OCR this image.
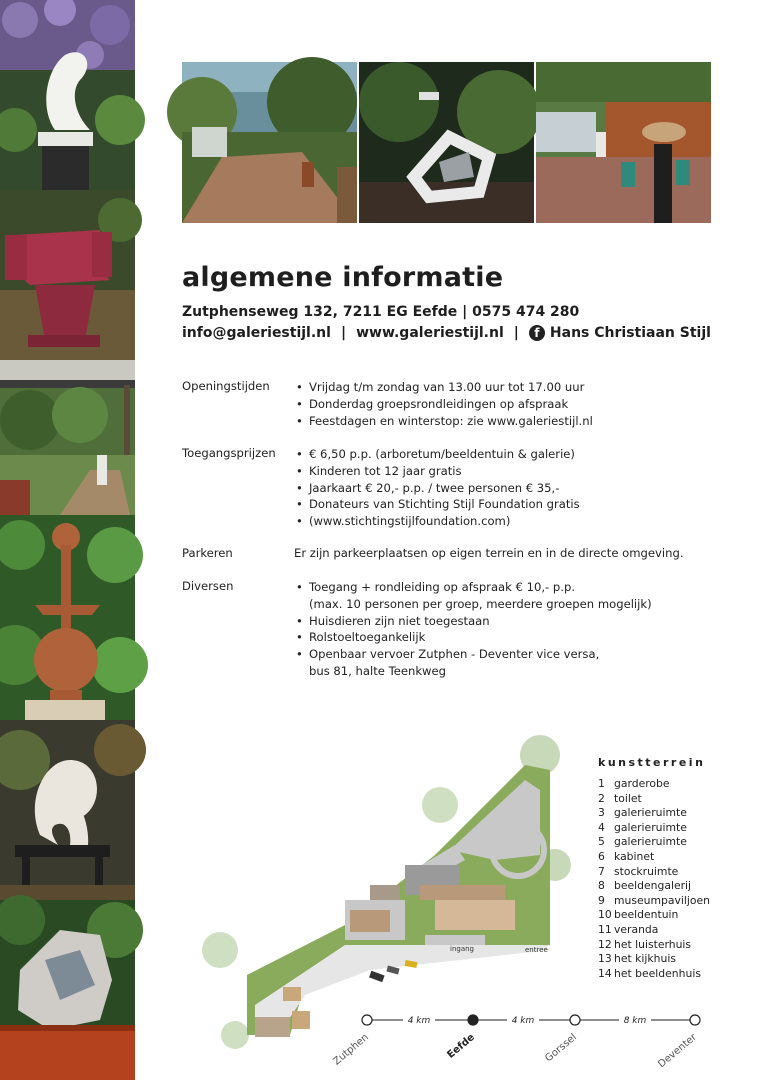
algemene informatie
Zutphenseweg 132, 7211 EG Eefde | 0575 474 280
info@galeriestijl.nl | www.galeriestijl.nl |	f Hans Christiaan Stijl
Openingstijden • Vrijdag t/m zondag van 13.00 uur tot 17.00 uur
• Donderdag groepsrondleidingen op afspraak
• Feestdagen en winterstop: zie www.galeriestijl.nl
Toegangsprijzen • € 6,50 p.p. (arboretum/beeldentuin & galerie)
• Kinderen tot 12 jaar gratis
• Jaarkaart € 20,- p.p. / twee personen € 35,-
• Donateurs van Stichting Stijl Foundation gratis
• (www.stichtingstijlfoundation.com)
Parkeren	Er zijn parkeerplaatsen op eigen terrein en in de directe omgeving.
Diversen	• Toegang + rondleiding op afspraak € 10,- p.p.
(max. 10 personen per groep, meerdere groepen mogelijk)
• Huisdieren zijn niet toegestaan
• Rolstoeltoegankelijk
• Openbaar vervoer Zutphen - Deventer vice versa,
bus 81, halte Teenkweg
ingang	entree
kunstterrein
1 garderobe
2 toilet
3 galerieruimte
4 galerieruimte
5 galerieruimte
6 kabinet
7 stockruimte
8 beeldengalerij
9 museumpaviljoen
10 beeldentuin
11 veranda
12 het luisterhuis
13 het kijkhuis
14 het beeldenhuis
4 km	4 km	8 km
Zutphen	Eefde	Gorssel	Deventer
